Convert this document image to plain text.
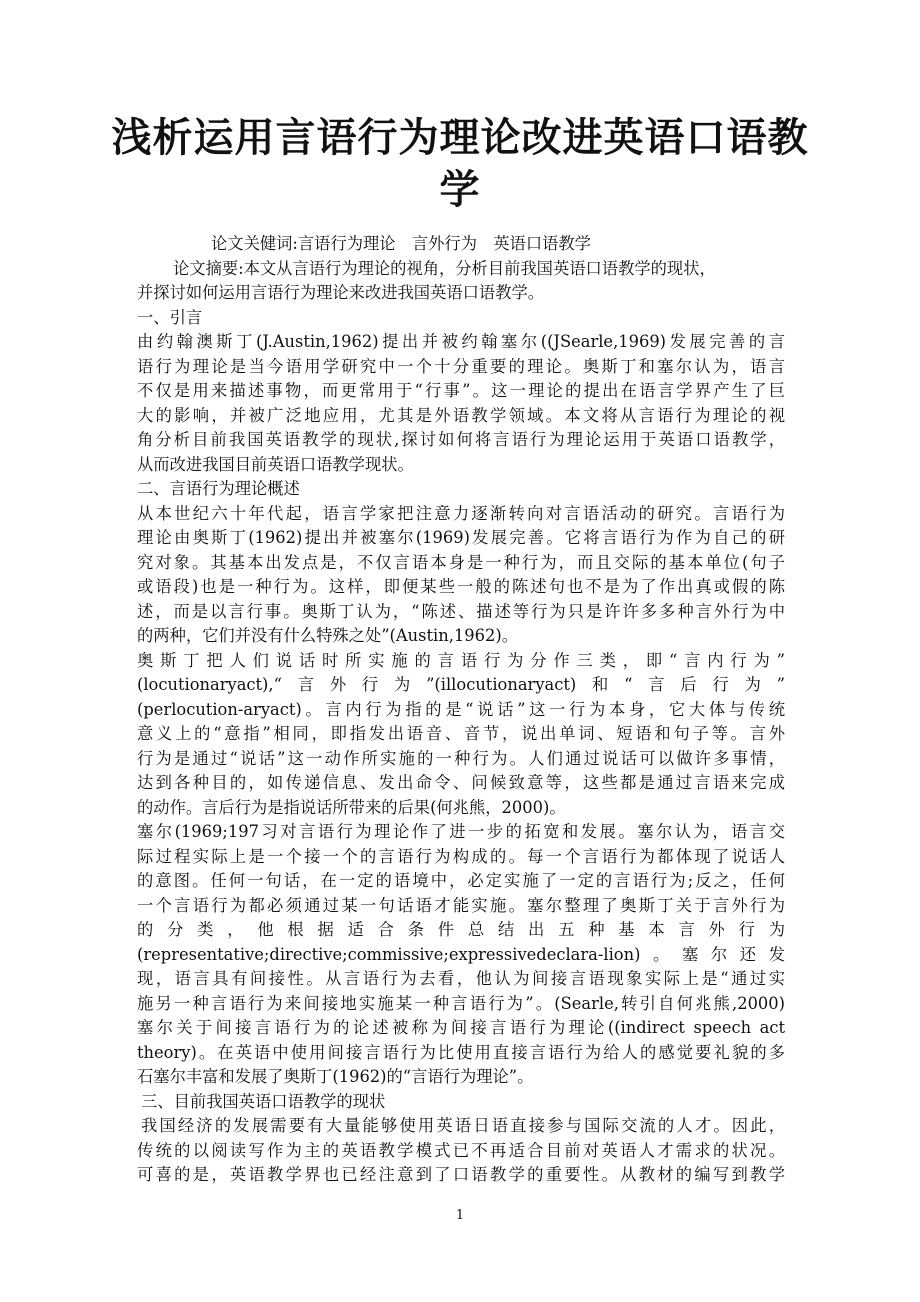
浅析运用言语行为理论改进英语口语教
学
论文关健词:言语行为理论　言外行为　英语口语教学
论文摘要:本文从言语行为理论的视角，分析目前我国英语口语教学的现状，
并探讨如何运用言语行为理论来改进我国英语口语教学。
一、引言
由约翰澳斯丁(J.Austin,1962)提出并被约翰塞尔((JSearle,1969)发展完善的言
语行为理论是当今语用学研究中一个十分重要的理论。奥斯丁和塞尔认为，语言
不仅是用来描述事物，而更常用于“行事”。这一理论的提出在语言学界产生了巨
大的影响，并被广泛地应用，尤其是外语教学领域。本文将从言语行为理论的视
角分析目前我国英语教学的现状,探讨如何将言语行为理论运用于英语口语教学，
从而改进我国目前英语口语教学现状。
二、言语行为理论概述
从本世纪六十年代起，语言学家把注意力逐渐转向对言语活动的研究。言语行为
理论由奥斯丁(1962)提出并被塞尔(1969)发展完善。它将言语行为作为自己的研
究对象。其基本出发点是，不仅言语本身是一种行为，而且交际的基本单位(句子
或语段)也是一种行为。这样，即便某些一般的陈述句也不是为了作出真或假的陈
述，而是以言行事。奥斯丁认为，“陈述、描述等行为只是许许多多种言外行为中
的两种，它们并没有什么特殊之处”(Austin,1962)。
奥斯丁把人们说话时所实施的言语行为分作三类，即“言内行为”
(locutionaryact),“言外行为”(illocutionaryact)和“言后行为”
(perlocution-aryact)。言内行为指的是“说话”这一行为本身，它大体与传统
意义上的“意指”相同，即指发出语音、音节，说出单词、短语和句子等。言外
行为是通过“说话”这一动作所实施的一种行为。人们通过说话可以做许多事情，
达到各种目的，如传递信息、发出命令、问候致意等，这些都是通过言语来完成
的动作。言后行为是指说话所带来的后果(何兆熊，2000)。
塞尔(1969;197习对言语行为理论作了进一步的拓宽和发展。塞尔认为，语言交
际过程实际上是一个接一个的言语行为构成的。每一个言语行为都体现了说话人
的意图。任何一句话，在一定的语境中，必定实施了一定的言语行为;反之，任何
一个言语行为都必须通过某一句话语才能实施。塞尔整理了奥斯丁关于言外行为
的分类，他根据适合条件总结出五种基本言外行为
(representative;directive;commissive;expressivedeclara-lion)。塞尔还发
现，语言具有间接性。从言语行为去看，他认为间接言语现象实际上是“通过实
施另一种言语行为来间接地实施某一种言语行为”。(Searle,转引自何兆熊,2000)
塞尔关于间接言语行为的论述被称为间接言语行为理论((indirect speech act
theory)。在英语中使用间接言语行为比使用直接言语行为给人的感觉要礼貌的多
石塞尔丰富和发展了奥斯丁(1962)的“言语行为理论”。
三、目前我国英语口语教学的现状
我国经济的发展需要有大量能够使用英语日语直接参与国际交流的人才。因此，
传统的以阅读写作为主的英语教学模式已不再适合目前对英语人才需求的状况。
可喜的是，英语教学界也已经注意到了口语教学的重要性。从教材的编写到教学
1
